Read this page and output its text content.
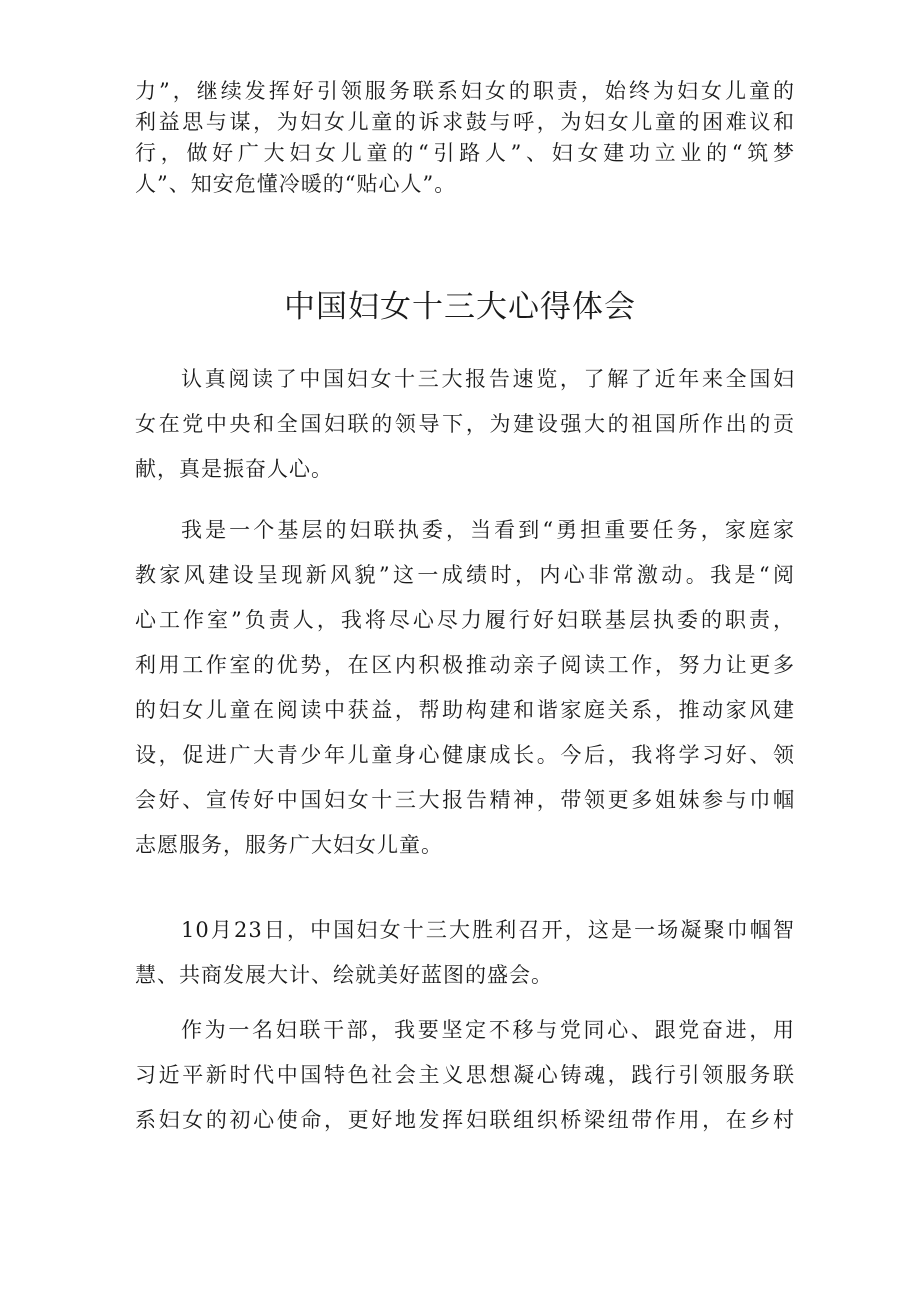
力”，继续发挥好引领服务联系妇女的职责，始终为妇女儿童的
利益思与谋，为妇女儿童的诉求鼓与呼，为妇女儿童的困难议和
行，做好广大妇女儿童的“引路人”、妇女建功立业的“筑梦
人”、知安危懂冷暖的“贴心人”。
中国妇女十三大心得体会
认真阅读了中国妇女十三大报告速览，了解了近年来全国妇
女在党中央和全国妇联的领导下，为建设强大的祖国所作出的贡
献，真是振奋人心。
我是一个基层的妇联执委，当看到“勇担重要任务，家庭家
教家风建设呈现新风貌”这一成绩时，内心非常激动。我是“阅
心工作室”负责人，我将尽心尽力履行好妇联基层执委的职责，
利用工作室的优势，在区内积极推动亲子阅读工作，努力让更多
的妇女儿童在阅读中获益，帮助构建和谐家庭关系，推动家风建
设，促进广大青少年儿童身心健康成长。今后，我将学习好、领
会好、宣传好中国妇女十三大报告精神，带领更多姐妹参与巾帼
志愿服务，服务广大妇女儿童。
10月23日，中国妇女十三大胜利召开，这是一场凝聚巾帼智
慧、共商发展大计、绘就美好蓝图的盛会。
作为一名妇联干部，我要坚定不移与党同心、跟党奋进，用
习近平新时代中国特色社会主义思想凝心铸魂，践行引领服务联
系妇女的初心使命，更好地发挥妇联组织桥梁纽带作用，在乡村
